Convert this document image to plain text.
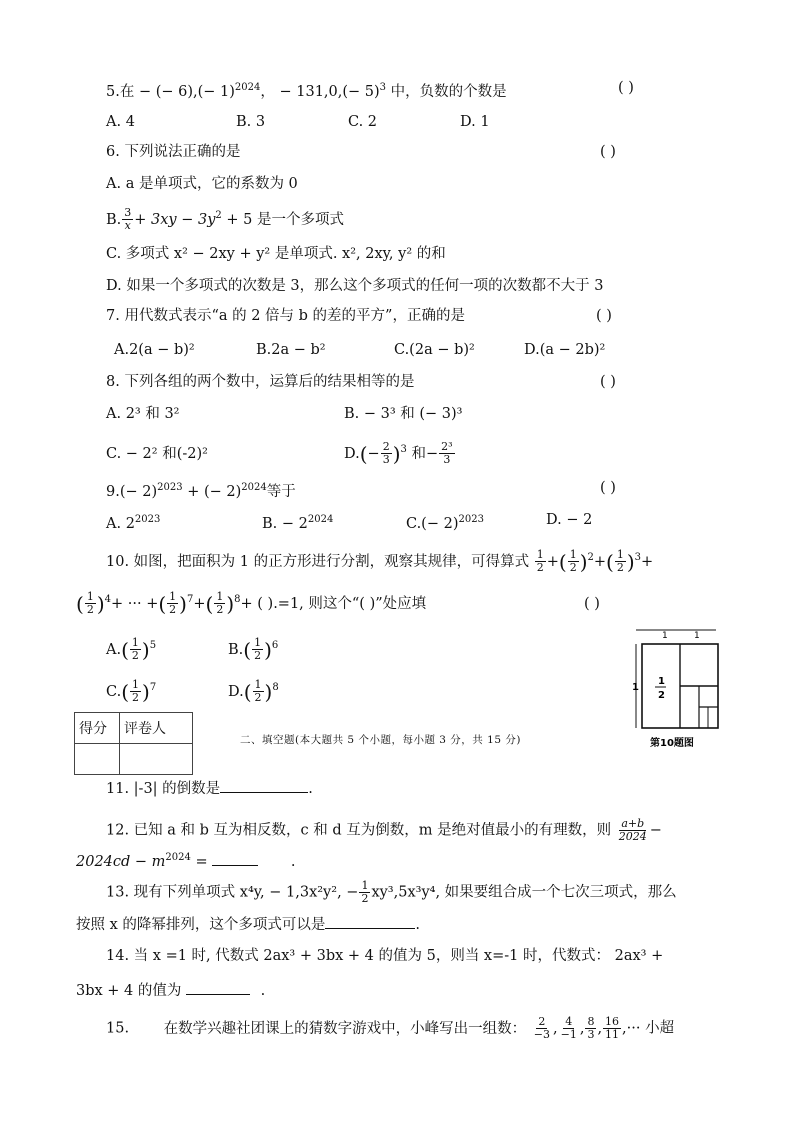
5.在 − (− $6),(- 1)^{2024}$， − $131,0,(- 5)^3$ 中，负数的个数是	( )
A. 4	B. 3	C. 2	D. 1
6. 下列说法正确的是	( )
A. a 是单项式，它的系数为 0
B. $\frac{3}{x} + 3xy - 3y^2 + 5$ 是一个多项式
C. 多项式 x² − 2xy + y² 是单项式. x², 2xy, y² 的和
D. 如果一个多项式的次数是 3，那么这个多项式的任何一项的次数都不大于 3
7. 用代数式表示“a 的 2 倍与 b 的差的平方”，正确的是	( )
A.2(a − b)²	B.2a − b²	C.(2a − b)²	D.(a − 2b)²
8. 下列各组的两个数中，运算后的结果相等的是	( )
A. 2³ 和 3²	B. − 3³ 和 (− 3)³
C. − 2² 和(-2)²	$D.(- \frac{2}{3} )^3$ 和− $\frac{\text{2³}}{3}$
$9.(- 2)^{2023}$ + (− 2)$^{2024}$等于	( )
A. $2^{2023}$	B. − $2^{2024}$	$C.(- 2)^{2023}$	D. − 2
10. 如图，把面积为 1 的正方形进行分割，观察其规律，可得算式 $\frac{1}{2}$ +( $\frac{1}{2} )^2+( \frac{1}{2} )^3+$
( $\frac{1}{2} )^4+$ ··· +( $\frac{1}{2} )^7+( \frac{1}{2} )^8+$ ( ).=1, 则这个“( )”处应填	( )
$A.( \frac{1}{2} )^5$	$B.( \frac{1}{2} )^6$
$C.( \frac{1}{2} )^7$	$D.( \frac{1}{2} )^8$
1	1
1
1
2
第10题图
得分	评卷人

二、填空题(本大题共 5 个小题，每小题 3 分，共 15 分)
11. |-3| 的倒数是	.
12. 已知 a 和 b 互为相反数，c 和 d 互为倒数，m 是绝对值最小的有理数，则 $\frac{a+b}{2024}$ −
$2024cd - m^{2024}$ =	.
13. 现有下列单项式 x⁴y, − 1,3x²y², − $\frac{1}{2} xy^3,5x^3y^4$, 如果要组合成一个七次三项式，那么
按照 x 的降幂排列，这个多项式可以是	.
14. 当 x =1 时, 代数式 2ax³ + 3bx + 4 的值为 5，则当 x=-1 时，代数式： 2ax³ +
3bx + 4 的值为	.
15. 在数学兴趣社团课上的猜数字游戏中，小峰写出一组数： $\frac{2}{-3}$ , $\frac{4}{-1}$ , $\frac{8}{3}$ , $\frac{16}{11}$ ,··· 小超
